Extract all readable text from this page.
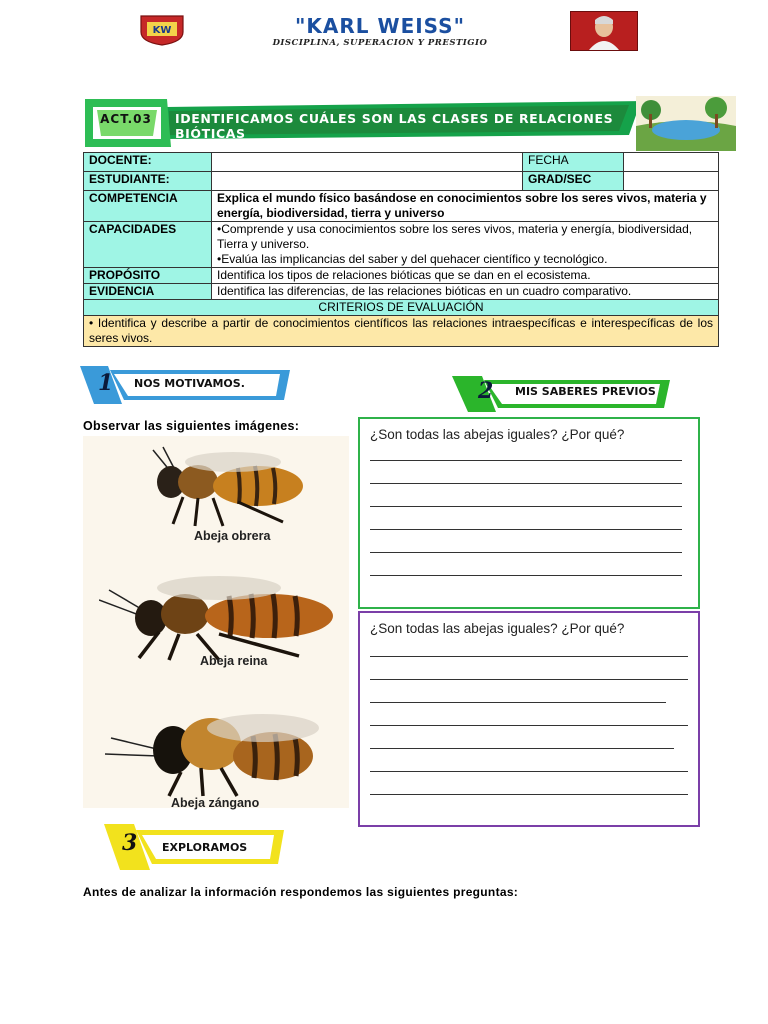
KW	"KARL WEISS"
DISCIPLINA, SUPERACION Y PRESTIGIO
ACT.03	IDENTIFICAMOS CUÁLES SON LAS CLASES DE RELACIONES BIÓTICAS
DOCENTE:		FECHA	
ESTUDIANTE:		GRAD/SEC	
COMPETENCIA	Explica el mundo físico basándose en conocimientos sobre los seres vivos, materia y energía, biodiversidad, tierra y universo		
CAPACIDADES	•Comprende y usa conocimientos sobre los seres vivos, materia y energía, biodiversidad, Tierra y universo.
•Evalúa las implicancias del saber y del quehacer científico y tecnológico.		

PROPÓSITO	Identifica los tipos de relaciones bióticas que se dan en el ecosistema.		
EVIDENCIA	Identifica las diferencias, de las relaciones bióticas en un cuadro comparativo.		
CRITERIOS DE EVALUACIÓN			
• Identifica y describe a partir de conocimientos científicos las relaciones intraespecíficas e interespecíficas de los seres vivos.			
1 NOS MOTIVAMOS.	2 MIS SABERES PREVIOS
Observar las siguientes imágenes:
Abeja obrera
Abeja reina
Abeja zángano
¿Son todas las abejas iguales? ¿Por qué?
¿Son todas las abejas iguales? ¿Por qué?
3 EXPLORAMOS
Antes de analizar la información respondemos las siguientes preguntas:
